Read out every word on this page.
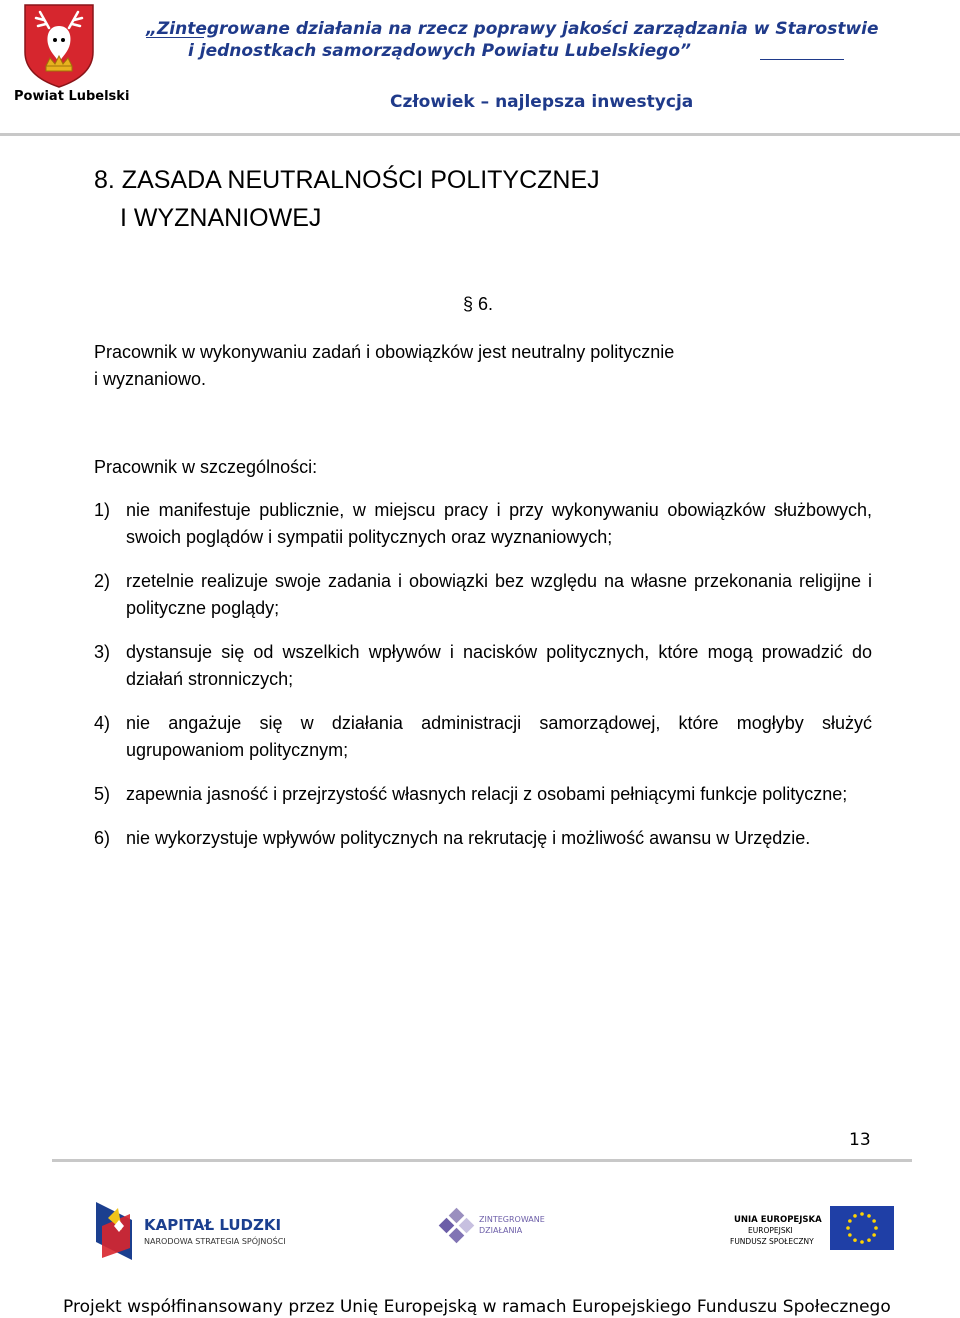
Powiat Lubelski
„Zintegrowane działania na rzecz poprawy jakości zarządzania w Starostwie
i jednostkach samorządowych Powiatu Lubelskiego”
Człowiek – najlepsza inwestycja
8. ZASADA NEUTRALNOŚCI POLITYCZNEJ
I WYZNANIOWEJ
§ 6.
Pracownik w wykonywaniu zadań i obowiązków jest neutralny politycznie
i wyznaniowo.
Pracownik w szczególności:
1) nie manifestuje publicznie, w miejscu pracy i przy wykonywaniu obowiązków służbowych, swoich poglądów i sympatii politycznych oraz wyznaniowych;
2) rzetelnie realizuje swoje zadania i obowiązki bez względu na własne przekonania religijne i polityczne poglądy;
3) dystansuje się od wszelkich wpływów i nacisków politycznych, które mogą prowadzić do działań stronniczych;
4) nie angażuje się w działania administracji samorządowej, które mogłyby służyć ugrupowaniom politycznym;
5) zapewnia jasność i przejrzystość własnych relacji z osobami pełniącymi funkcje polityczne;
6) nie wykorzystuje wpływów politycznych na rekrutację i możliwość awansu w Urzędzie.
13
KAPITAŁ LUDZKI
NARODOWA STRATEGIA SPÓJNOŚCI
ZINTEGROWANE
DZIAŁANIA
UNIA EUROPEJSKA
EUROPEJSKI
FUNDUSZ SPOŁECZNY
Projekt współfinansowany przez Unię Europejską w ramach Europejskiego Funduszu Społecznego
